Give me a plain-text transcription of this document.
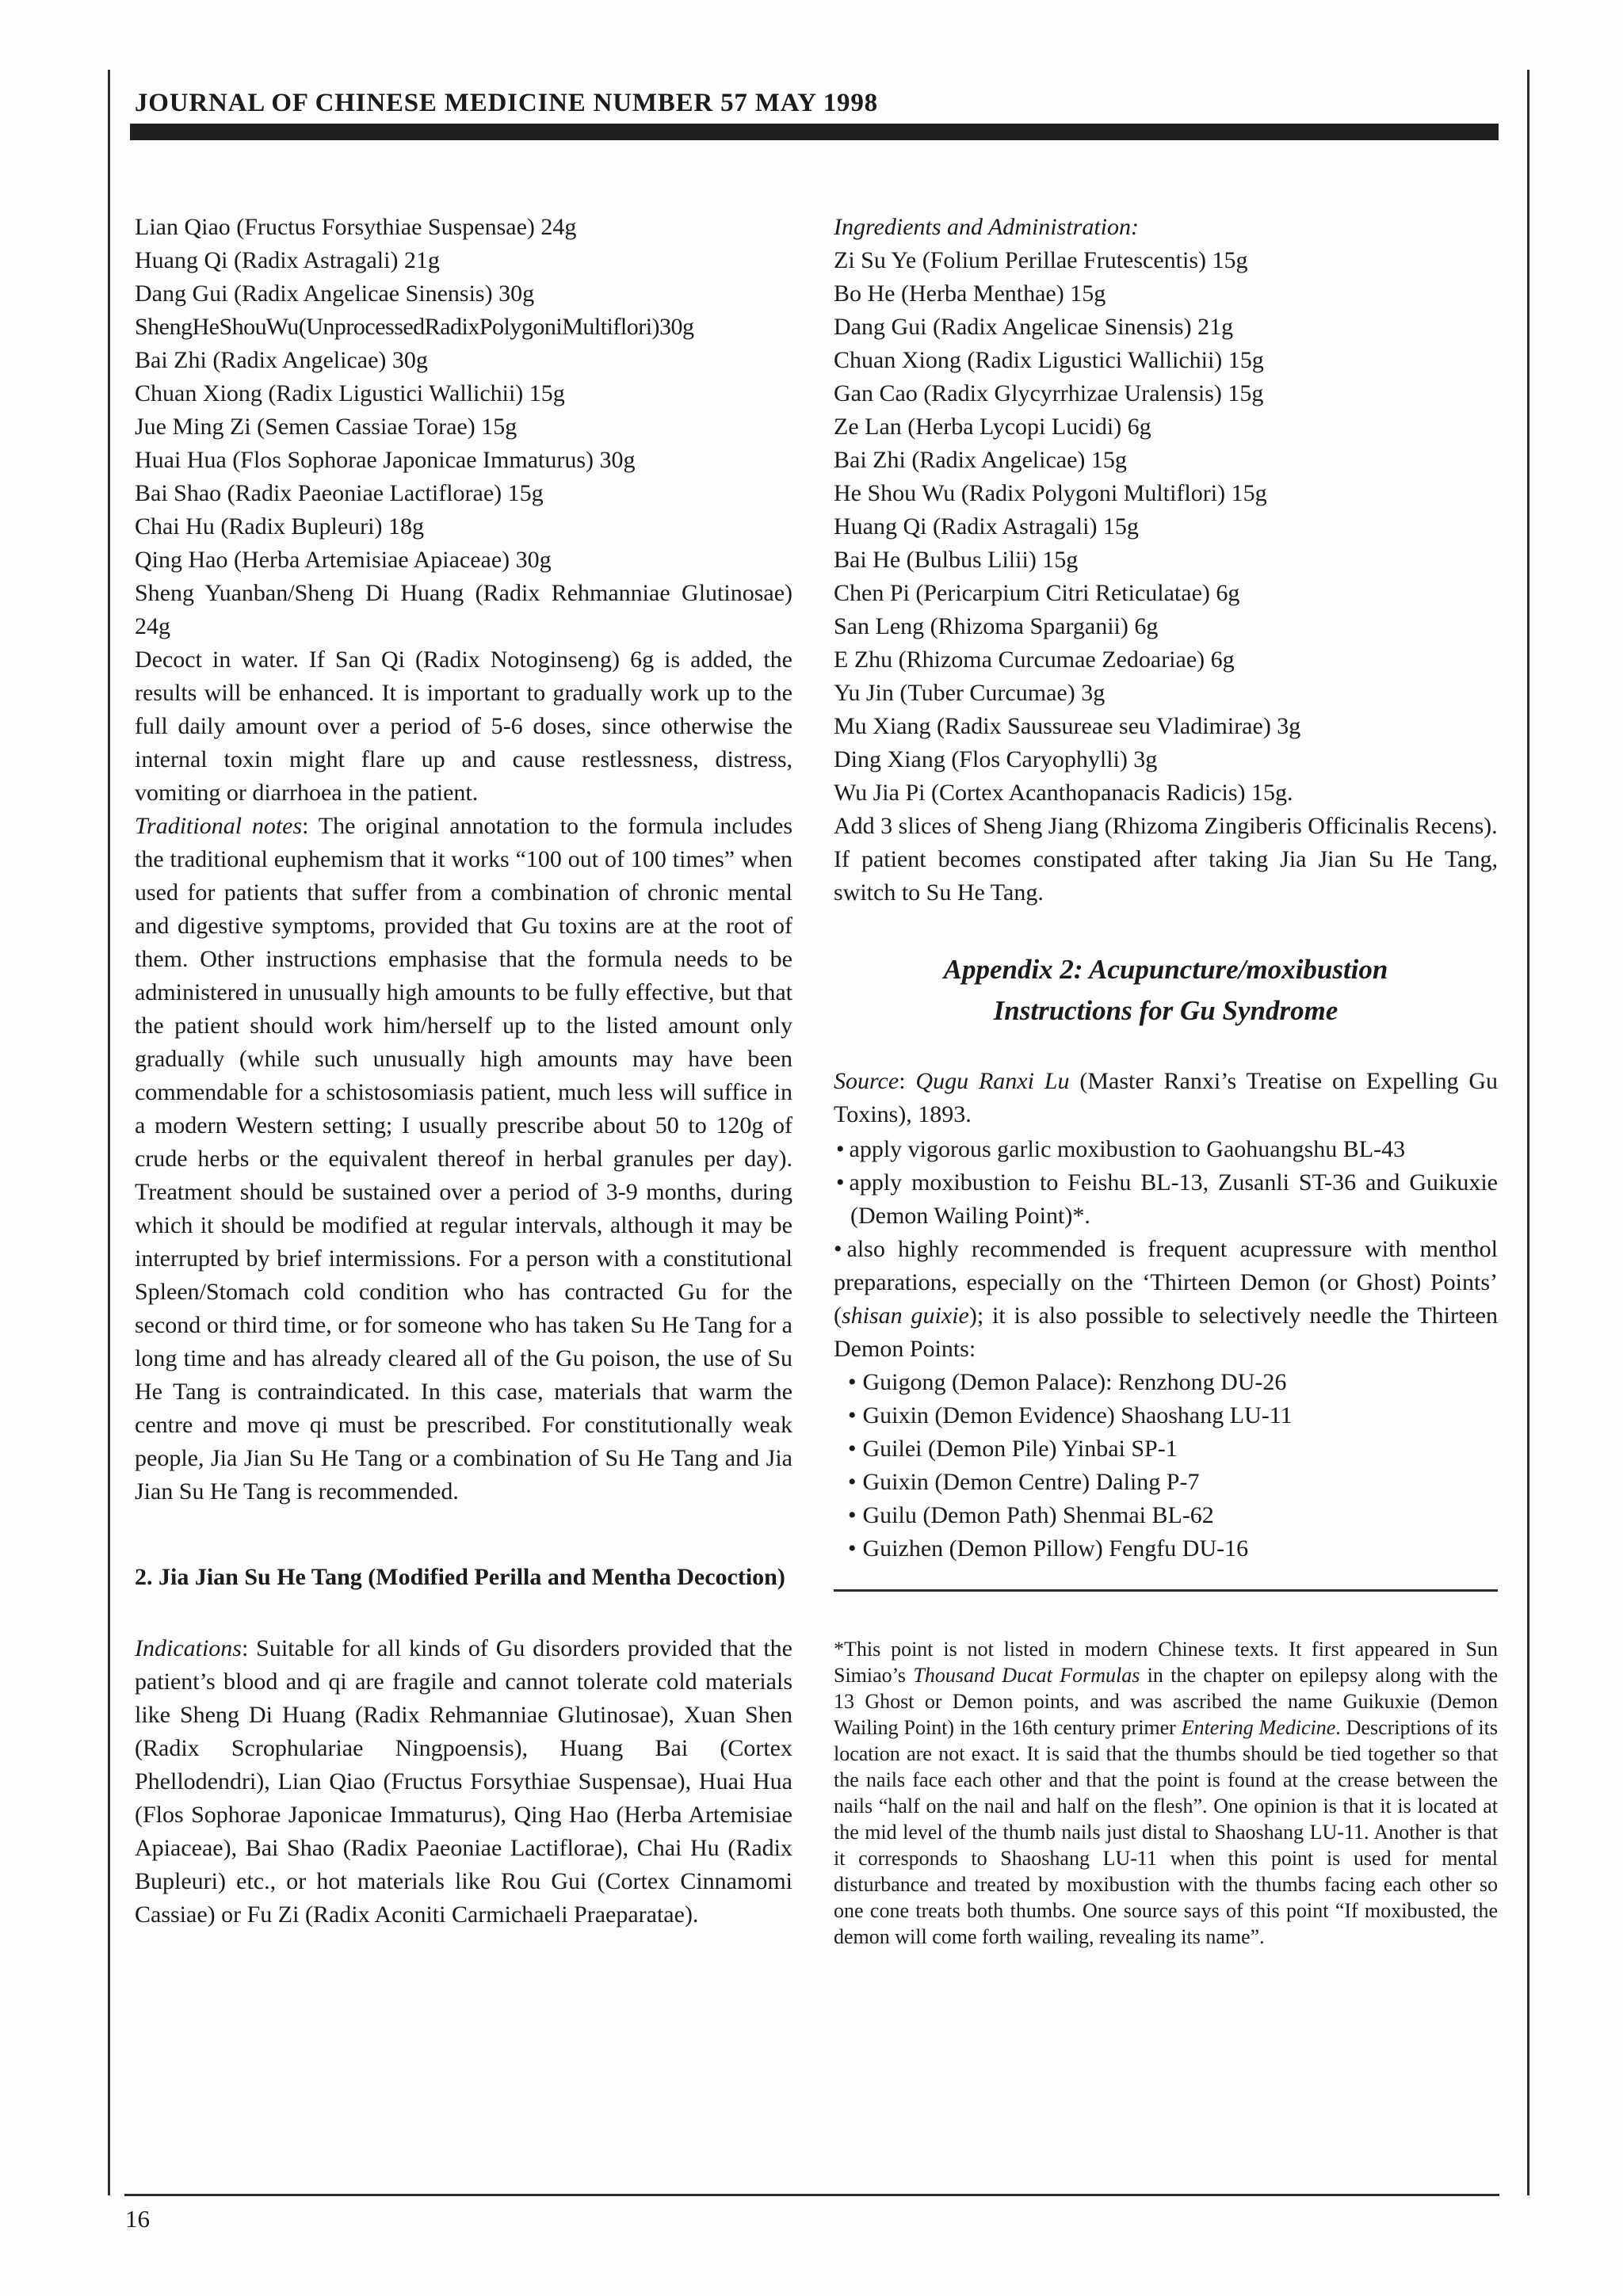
JOURNAL OF CHINESE MEDICINE NUMBER 57 MAY 1998

Lian Qiao (Fructus Forsythiae Suspensae) 24g

Huang Qi (Radix Astragali) 21g

Dang Gui (Radix Angelicae Sinensis) 30g

Sheng He Shou Wu (Unprocessed Radix Polygoni Multiflori) 30g

Bai Zhi (Radix Angelicae) 30g

Chuan Xiong (Radix Ligustici Wallichii) 15g

Jue Ming Zi (Semen Cassiae Torae) 15g

Huai Hua (Flos Sophorae Japonicae Immaturus) 30g

Bai Shao (Radix Paeoniae Lactiflorae) 15g

Chai Hu (Radix Bupleuri) 18g

Qing Hao (Herba Artemisiae Apiaceae) 30g

Sheng Yuanban/Sheng Di Huang (Radix Rehmanniae Glutinosae) 24g

Decoct in water. If San Qi (Radix Notoginseng) 6g is added, the results will be enhanced. It is important to gradually work up to the full daily amount over a period of 5-6 doses, since otherwise the internal toxin might flare up and cause restlessness, distress, vomiting or diarrhoea in the patient.

Traditional notes: The original annotation to the formula includes the traditional euphemism that it works “100 out of 100 times” when used for patients that suffer from a combination of chronic mental and digestive symptoms, provided that Gu toxins are at the root of them. Other instructions emphasise that the formula needs to be administered in unusually high amounts to be fully effective, but that the patient should work him/herself up to the listed amount only gradually (while such unusually high amounts may have been commendable for a schistosomiasis patient, much less will suffice in a modern Western setting; I usually prescribe about 50 to 120g of crude herbs or the equivalent thereof in herbal granules per day). Treatment should be sustained over a period of 3-9 months, during which it should be modified at regular intervals, although it may be interrupted by brief intermissions. For a person with a constitutional Spleen/Stomach cold condition who has contracted Gu for the second or third time, or for someone who has taken Su He Tang for a long time and has already cleared all of the Gu poison, the use of Su He Tang is contraindicated. In this case, materials that warm the centre and move qi must be prescribed. For constitutionally weak people, Jia Jian Su He Tang or a combination of Su He Tang and Jia Jian Su He Tang is recommended.

2. Jia Jian Su He Tang (Modified Perilla and Mentha Decoction)

Indications: Suitable for all kinds of Gu disorders provided that the patient’s blood and qi are fragile and cannot tolerate cold materials like Sheng Di Huang (Radix Rehmanniae Glutinosae), Xuan Shen (Radix Scrophulariae Ningpoensis), Huang Bai (Cortex Phellodendri), Lian Qiao (Fructus Forsythiae Suspensae), Huai Hua (Flos Sophorae Japonicae Immaturus), Qing Hao (Herba Artemisiae Apiaceae), Bai Shao (Radix Paeoniae Lactiflorae), Chai Hu (Radix Bupleuri) etc., or hot materials like Rou Gui (Cortex Cinnamomi Cassiae) or Fu Zi (Radix Aconiti Carmichaeli Praeparatae).

Ingredients and Administration:

Zi Su Ye (Folium Perillae Frutescentis) 15g

Bo He (Herba Menthae) 15g

Dang Gui (Radix Angelicae Sinensis) 21g

Chuan Xiong (Radix Ligustici Wallichii) 15g

Gan Cao (Radix Glycyrrhizae Uralensis) 15g

Ze Lan (Herba Lycopi Lucidi) 6g

Bai Zhi (Radix Angelicae) 15g

He Shou Wu (Radix Polygoni Multiflori) 15g

Huang Qi (Radix Astragali) 15g

Bai He (Bulbus Lilii) 15g

Chen Pi (Pericarpium Citri Reticulatae) 6g

San Leng (Rhizoma Sparganii) 6g

E Zhu (Rhizoma Curcumae Zedoariae) 6g

Yu Jin (Tuber Curcumae) 3g

Mu Xiang (Radix Saussureae seu Vladimirae) 3g

Ding Xiang (Flos Caryophylli) 3g

Wu Jia Pi (Cortex Acanthopanacis Radicis) 15g.

Add 3 slices of Sheng Jiang (Rhizoma Zingiberis Officinalis Recens).

If patient becomes constipated after taking Jia Jian Su He Tang, switch to Su He Tang.

Appendix 2: Acupuncture/moxibustion
Instructions for Gu Syndrome

Source: Qugu Ranxi Lu (Master Ranxi’s Treatise on Expelling Gu Toxins), 1893.

• apply vigorous garlic moxibustion to Gaohuangshu BL-43

• apply moxibustion to Feishu BL-13, Zusanli ST-36 and Guikuxie (Demon Wailing Point)*.

• also highly recommended is frequent acupressure with menthol preparations, especially on the ‘Thirteen Demon (or Ghost) Points’ (shisan guixie); it is also possible to selectively needle the Thirteen Demon Points:

• Guigong (Demon Palace): Renzhong DU-26

• Guixin (Demon Evidence) Shaoshang LU-11

• Guilei (Demon Pile) Yinbai SP-1

• Guixin (Demon Centre) Daling P-7

• Guilu (Demon Path) Shenmai BL-62

• Guizhen (Demon Pillow) Fengfu DU-16

*This point is not listed in modern Chinese texts. It first appeared in Sun Simiao’s Thousand Ducat Formulas in the chapter on epilepsy along with the 13 Ghost or Demon points, and was ascribed the name Guikuxie (Demon Wailing Point) in the 16th century primer Entering Medicine. Descriptions of its location are not exact. It is said that the thumbs should be tied together so that the nails face each other and that the point is found at the crease between the nails “half on the nail and half on the flesh”. One opinion is that it is located at the mid level of the thumb nails just distal to Shaoshang LU-11. Another is that it corresponds to Shaoshang LU-11 when this point is used for mental disturbance and treated by moxibustion with the thumbs facing each other so one cone treats both thumbs. One source says of this point “If moxibusted, the demon will come forth wailing, revealing its name”.

16
